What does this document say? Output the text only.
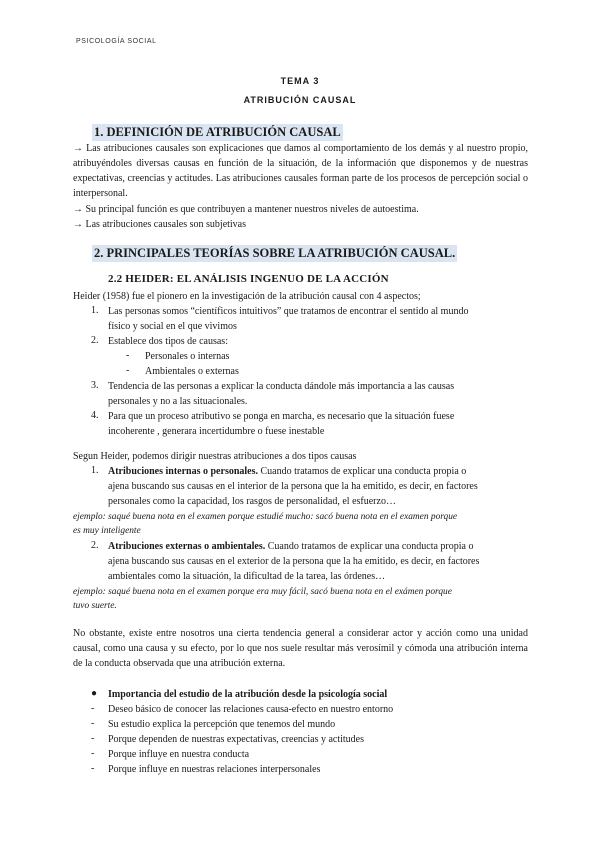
PSICOLOGÍA SOCIAL
TEMA 3
ATRIBUCIÓN CAUSAL
1. DEFINICIÓN DE ATRIBUCIÓN CAUSAL
→ Las atribuciones causales son explicaciones que damos al comportamiento de los demás y al nuestro propio, atribuyéndoles diversas causas en función de la situación, de la información que disponemos y de nuestras expectativas, creencias y actitudes. Las atribuciones causales forman parte de los procesos de percepción social o interpersonal.
→ Su principal función es que contribuyen a mantener nuestros niveles de autoestima.
→ Las atribuciones causales son subjetivas
2. PRINCIPALES TEORÍAS SOBRE LA ATRIBUCIÓN CAUSAL.
2.2 HEIDER: EL ANÁLISIS INGENUO DE LA ACCIÓN
Heider (1958) fue el pionero en la investigación de la atribución causal con 4 aspectos;
1. Las personas somos “científicos intuitivos” que tratamos de encontrar el sentido al mundo
físico y social en el que vivimos
2. Establece dos tipos de causas:
- Personales o internas
- Ambientales o externas
3. Tendencia de las personas a explicar la conducta dándole más importancia a las causas
personales y no a las situacionales.
4. Para que un proceso atributivo se ponga en marcha, es necesario que la situación fuese
incoherente , generara incertidumbre o fuese inestable
Segun Heider, podemos dirigir nuestras atribuciones a dos tipos causas
1. Atribuciones internas o personales. Cuando tratamos de explicar una conducta propia o
ajena buscando sus causas en el interior de la persona que la ha emitido, es decir, en factores
personales como la capacidad, los rasgos de personalidad, el esfuerzo…
ejemplo: saqué buena nota en el examen porque estudié mucho: sacó buena nota en el examen porque
es muy inteligente
2. Atribuciones externas o ambientales. Cuando tratamos de explicar una conducta propia o
ajena buscando sus causas en el exterior de la persona que la ha emitido, es decir, en factores
ambientales como la situación, la dificultad de la tarea, las órdenes…
ejemplo: saqué buena nota en el examen porque era muy fácil, sacó buena nota en el exámen porque
tuvo suerte.
No obstante, existe entre nosotros una cierta tendencia general a considerar actor y acción como una unidad causal, como una causa y su efecto, por lo que nos suele resultar más verosímil y cómoda una atribución interna de la conducta observada que una atribución externa.
● Importancia del estudio de la atribución desde la psicología social
- Deseo básico de conocer las relaciones causa-efecto en nuestro entorno
- Su estudio explica la percepción que tenemos del mundo
- Porque dependen de nuestras expectativas, creencias y actitudes
- Porque influye en nuestra conducta
- Porque influye en nuestras relaciones interpersonales
